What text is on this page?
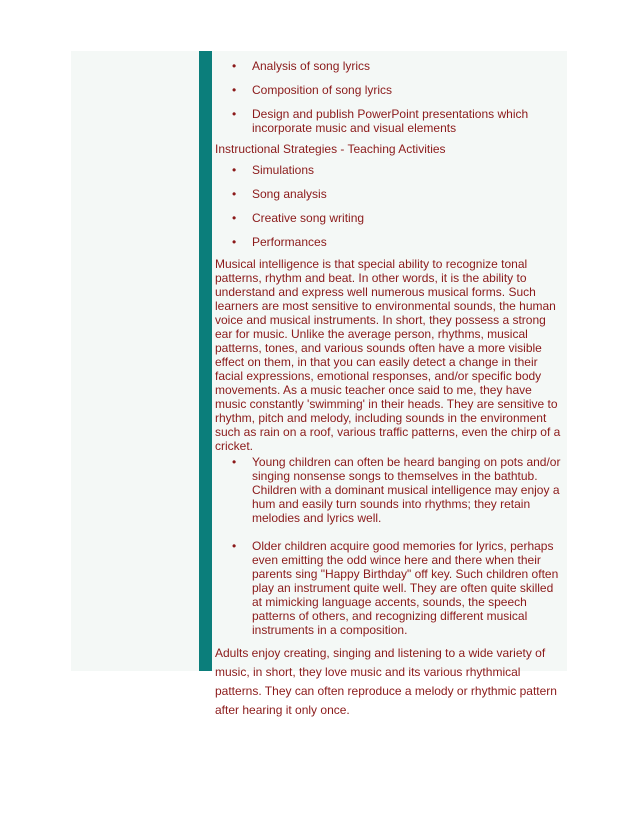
• Analysis of song lyrics
• Composition of song lyrics
• Design and publish PowerPoint presentations which incorporate music and visual elements

Instructional Strategies - Teaching Activities

• Simulations
• Song analysis
• Creative song writing
• Performances

Musical intelligence is that special ability to recognize tonal patterns, rhythm and beat. In other words, it is the ability to understand and express well numerous musical forms. Such learners are most sensitive to environmental sounds, the human voice and musical instruments. In short, they possess a strong ear for music. Unlike the average person, rhythms, musical patterns, tones, and various sounds often have a more visible effect on them, in that you can easily detect a change in their facial expressions, emotional responses, and/or specific body movements. As a music teacher once said to me, they have music constantly 'swimming' in their heads. They are sensitive to rhythm, pitch and melody, including sounds in the environment such as rain on a roof, various traffic patterns, even the chirp of a cricket.

• Young children can often be heard banging on pots and/or singing nonsense songs to themselves in the bathtub. Children with a dominant musical intelligence may enjoy a hum and easily turn sounds into rhythms; they retain melodies and lyrics well.
• Older children acquire good memories for lyrics, perhaps even emitting the odd wince here and there when their parents sing "Happy Birthday" off key. Such children often play an instrument quite well. They are often quite skilled at mimicking language accents, sounds, the speech patterns of others, and recognizing different musical instruments in a composition.

Adults enjoy creating, singing and listening to a wide variety of music, in short, they love music and its various rhythmical patterns. They can often reproduce a melody or rhythmic pattern after hearing it only once.
